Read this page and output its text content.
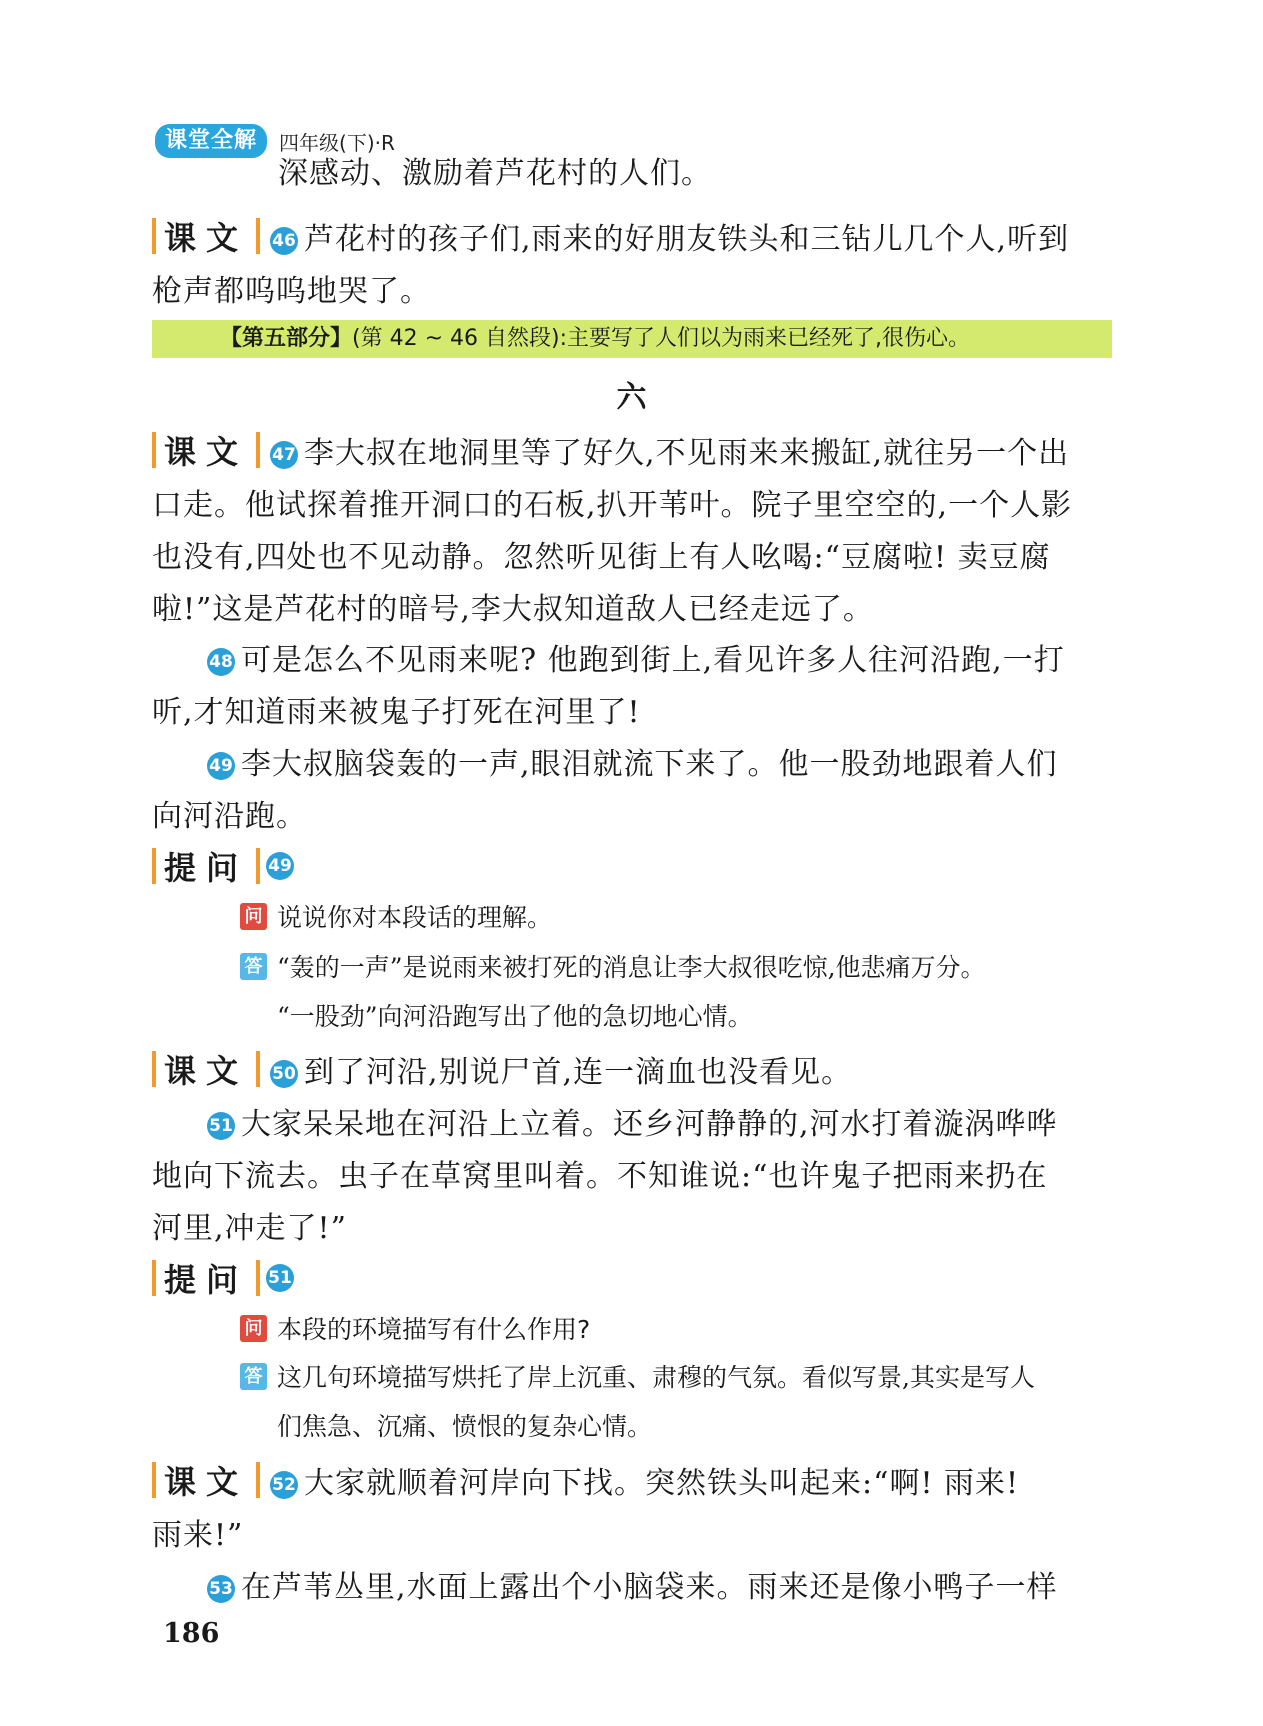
课堂全解	四年级(下)·R
深感动、激励着芦花村的人们。
课文 46 芦花村的孩子们,雨来的好朋友铁头和三钻儿几个人,听到
枪声都呜呜地哭了。
【第五部分】(第 42 ~ 46 自然段):主要写了人们以为雨来已经死了,很伤心。
六
课文 47 李大叔在地洞里等了好久,不见雨来来搬缸,就往另一个出
口走。他试探着推开洞口的石板,扒开苇叶。院子里空空的,一个人影
也没有,四处也不见动静。忽然听见街上有人吆喝:“豆腐啦! 卖豆腐
啦!”这是芦花村的暗号,李大叔知道敌人已经走远了。
48 可是怎么不见雨来呢? 他跑到街上,看见许多人往河沿跑,一打
听,才知道雨来被鬼子打死在河里了!
49 李大叔脑袋轰的一声,眼泪就流下来了。他一股劲地跟着人们
向河沿跑。
提问 49
问 说说你对本段话的理解。
答 “轰的一声”是说雨来被打死的消息让李大叔很吃惊,他悲痛万分。
“一股劲”向河沿跑写出了他的急切地心情。
课文 50 到了河沿,别说尸首,连一滴血也没看见。
51 大家呆呆地在河沿上立着。还乡河静静的,河水打着漩涡哗哗
地向下流去。虫子在草窝里叫着。不知谁说:“也许鬼子把雨来扔在
河里,冲走了!”
提问 51
问 本段的环境描写有什么作用?
答 这几句环境描写烘托了岸上沉重、肃穆的气氛。看似写景,其实是写人
们焦急、沉痛、愤恨的复杂心情。
课文 52 大家就顺着河岸向下找。突然铁头叫起来:“啊! 雨来!
雨来!”
53 在芦苇丛里,水面上露出个小脑袋来。雨来还是像小鸭子一样
186
